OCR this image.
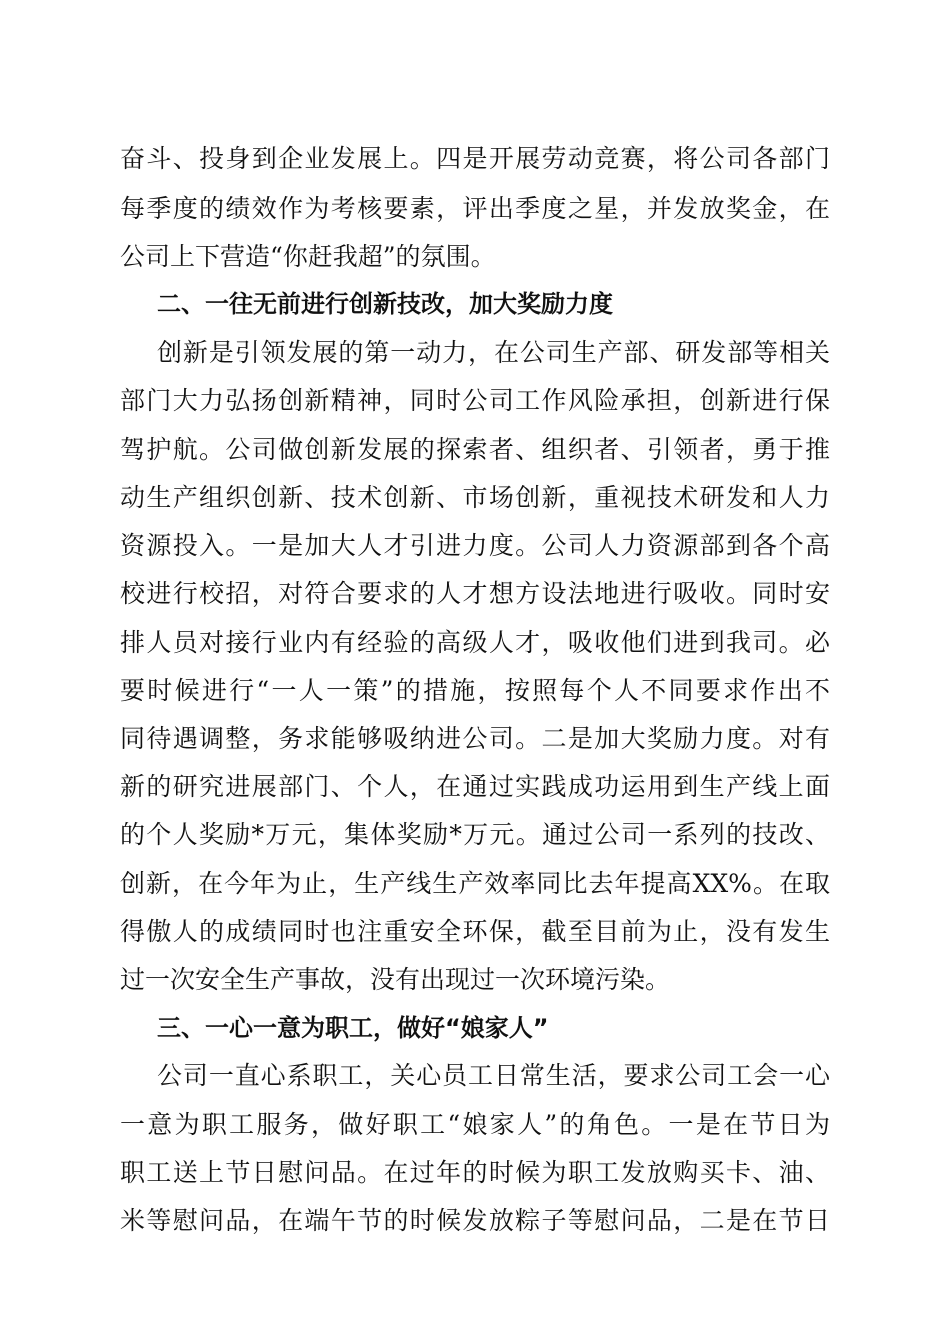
奋斗、投身到企业发展上。四是开展劳动竞赛，将公司各部门
每季度的绩效作为考核要素，评出季度之星，并发放奖金，在
公司上下营造“你赶我超”的氛围。
二、一往无前进行创新技改，加大奖励力度
创新是引领发展的第一动力，在公司生产部、研发部等相关
部门大力弘扬创新精神，同时公司工作风险承担，创新进行保
驾护航。公司做创新发展的探索者、组织者、引领者，勇于推
动生产组织创新、技术创新、市场创新，重视技术研发和人力
资源投入。一是加大人才引进力度。公司人力资源部到各个高
校进行校招，对符合要求的人才想方设法地进行吸收。同时安
排人员对接行业内有经验的高级人才，吸收他们进到我司。必
要时候进行“一人一策”的措施，按照每个人不同要求作出不
同待遇调整，务求能够吸纳进公司。二是加大奖励力度。对有
新的研究进展部门、个人，在通过实践成功运用到生产线上面
的个人奖励*万元，集体奖励*万元。通过公司一系列的技改、
创新，在今年为止，生产线生产效率同比去年提高XX%。在取
得傲人的成绩同时也注重安全环保，截至目前为止，没有发生
过一次安全生产事故，没有出现过一次环境污染。
三、一心一意为职工，做好“娘家人”
公司一直心系职工，关心员工日常生活，要求公司工会一心
一意为职工服务，做好职工“娘家人”的角色。一是在节日为
职工送上节日慰问品。在过年的时候为职工发放购买卡、油、
米等慰问品，在端午节的时候发放粽子等慰问品，二是在节日
